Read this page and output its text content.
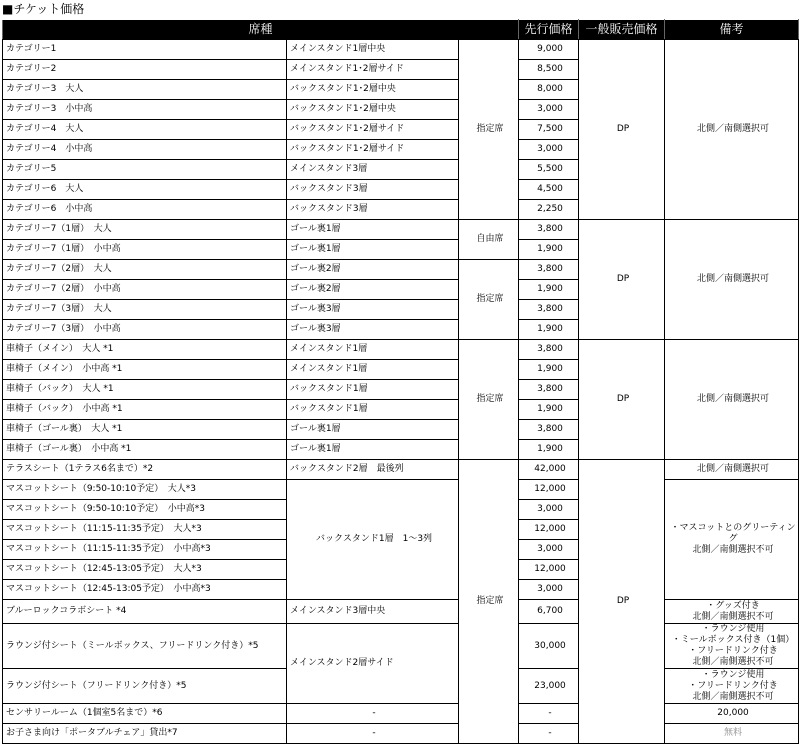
■チケット価格
席種			先行価格	一般販売価格	備考	
カテゴリー1	メインスタンド1層中央	指定席	9,000	DP	北側／南側選択可	
カテゴリー2	メインスタンド1･2層サイド		8,500			
カテゴリー3　大人	バックスタンド1･2層中央		8,000			
カテゴリー3　小中高	バックスタンド1･2層中央		3,000			
カテゴリー4　大人	バックスタンド1･2層サイド		7,500			
カテゴリー4　小中高	バックスタンド1･2層サイド		3,000			
カテゴリー5	メインスタンド3層		5,500			
カテゴリー6　大人	バックスタンド3層		4,500			
カテゴリー6　小中高	バックスタンド3層		2,250			
カテゴリー7（1層）　大人	ゴール裏1層	自由席	3,800	DP	北側／南側選択可	
カテゴリー7（1層）　小中高	ゴール裏1層		1,900			
カテゴリー7（2層）　大人	ゴール裏2層	指定席	3,800			
カテゴリー7（2層）　小中高	ゴール裏2層		1,900			
カテゴリー7（3層）　大人	ゴール裏3層		3,800			
カテゴリー7（3層）　小中高	ゴール裏3層		1,900			
車椅子（メイン）　大人 *1	メインスタンド1層	指定席	3,800	DP	北側／南側選択可	
車椅子（メイン）　小中高 *1	メインスタンド1層		1,900			
車椅子（バック）　大人 *1	バックスタンド1層		3,800			
車椅子（バック）　小中高 *1	バックスタンド1層		1,900			
車椅子（ゴール裏）　大人 *1	ゴール裏1層		3,800			
車椅子（ゴール裏）　小中高 *1	ゴール裏1層		1,900			
テラスシート（1テラス6名まで）*2	バックスタンド2層　最後列	指定席	42,000	DP	北側／南側選択可	
マスコットシート（9:50-10:10予定）　大人*3	バックスタンド1層　1～3列		12,000		・マスコットとのグリーティング
北側／南側選択不可	
マスコットシート（9:50-10:10予定）　小中高*3			3,000			
マスコットシート（11:15-11:35予定）　大人*3			12,000			
マスコットシート（11:15-11:35予定）　小中高*3			3,000			
マスコットシート（12:45-13:05予定）　大人*3			12,000			
マスコットシート（12:45-13:05予定）　小中高*3			3,000			
ブルーロックコラボシート *4	メインスタンド3層中央		6,700		・グッズ付き
北側／南側選択不可	
ラウンジ付シート（ミールボックス、フリードリンク付き）*5	メインスタンド2層サイド		30,000		・ラウンジ使用
・ミールボックス付き（1個）
・フリードリンク付き
北側／南側選択不可	
ラウンジ付シート（フリードリンク付き）*5			23,000		・ラウンジ使用
・フリードリンク付き
北側／南側選択不可	
センサリールーム（1個室5名まで）*6	-		-		20,000		
お子さま向け「ポータブルチェア」貸出*7	-		-		無料		
